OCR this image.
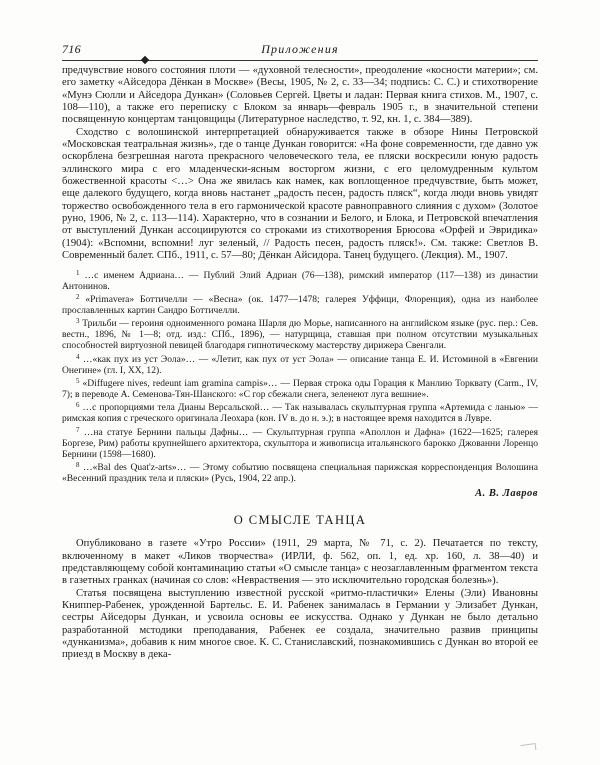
716	Приложения

предчувствие нового состояния плоти — «духовной телесности», преодоление «косности материи»; см. его заметку «Айседора Дёнкан в Москве» (Весы, 1905, № 2, с. 33—34; подпись: С. С.) и стихотворение «Мунэ Сюлли и Айседора Дункан» (Соловьев Сергей. Цветы и ладан: Первая книга стихов. М., 1907, с. 108—110), а также его переписку с Блоком за январь—февраль 1905 г., в значительной степени посвященную концертам танцовщицы (Литературное наследство, т. 92, кн. 1, с. 384—389).

Сходство с волошинской интерпретацией обнаруживается также в обзоре Нины Петровской «Московская театральная жизнь», где о танце Дункан говорится: «На фоне современности, где давно уж оскорблена безгрешная нагота прекрасного человеческого тела, ее пляски воскресили юную радость эллинского мира с его младенчески-ясным восторгом жизни, с его целомудренным культом божественной красоты <…> Она же явилась как намек, как воплощенное предчувствие, быть может, еще далекого будущего, когда вновь настанет „радость песен, радость пляск“, когда люди вновь увидят торжество освобожденного тела в его гармонической красоте равноправного слияния с духом» (Золотое руно, 1906, № 2, с. 113—114). Характерно, что в сознании и Белого, и Блока, и Петровской впечатления от выступлений Дункан ассоциируются со строками из стихотворения Брюсова «Орфей и Эвридика» (1904): «Вспомни, вспомни! луг зеленый, // Радость песен, радость пляск!». См. также: Светлов В. Современный балет. СПб., 1911, с. 57—80; Дёнкан Айсидора. Танец будущего. (Лекция). М., 1907.

$^1$ …с именем Адриана… — Публий Элий Адриан (76—138), римский император (117—138) из династии Антонинов.

$^2$ «Primavera» Боттичелли — «Весна» (ок. 1477—1478; галерея Уффици, Флоренция), одна из наиболее прославленных картин Сандро Боттичелли.

$^3$ Трильби — героиня одноименного романа Шарля дю Морье, написанного на английском языке (рус. пер.: Сев. вестн., 1896, № 1—8; отд. изд.: СПб., 1896), — натурщица, ставшая при полном отсутствии музыкальных способностей виртуозной певицей благодаря гипнотическому мастерству дирижера Свенгали.

$^4$ …«как пух из уст Эола»… — «Летит, как пух от уст Эола» — описание танца Е. И. Истоминой в «Евгении Онегине» (гл. I, XX, 12).

$^5$ «Diffugere nives, redeunt iam gramina campis»… — Первая строка оды Горация к Манлию Торквату (Carm., IV, 7); в переводе А. Семенова-Тян-Шанского: «С гор сбежали снега, зеленеют луга вешние».

$^6$ …с пропорциями тела Дианы Версальской… — Так называлась скульптурная группа «Артемида с ланью» — римская копия с греческого оригинала Леохара (кон. IV в. до н. э.); в настоящее время находится в Лувре.

$^7$ …на статуе Бернини пальцы Дафны… — Скульптурная группа «Аполлон и Дафна» (1622—1625; галерея Боргезе, Рим) работы крупнейшего архитектора, скульптора и живописца итальянского барокко Джованни Лоренцо Бернини (1598—1680).

$^8$ …«Bal des Quat'z-arts»… — Этому событию посвящена специальная парижская корреспонденция Волошина «Весенний праздник тела и пляски» (Русь, 1904, 22 апр.).

А. В. Лавров
О СМЫСЛЕ ТАНЦА

Опубликовано в газете «Утро России» (1911, 29 марта, № 71, с. 2). Печатается по тексту, включенному в макет «Ликов творчества» (ИРЛИ, ф. 562, оп. 1, ед. хр. 160, л. 38—40) и представляющему собой контаминацию статьи «О смысле танца» с неозаглавленным фрагментом текста в газетных гранках (начиная со слов: «Невраствения — это исключительно городская болезнь»).

Статья посвящена выступлению известной русской «ритмо-пластички» Елены (Эли) Ивановны Книппер-Рабенек, урожденной Бартельс. Е. И. Рабенек занималась в Германии у Элизабет Дункан, сестры Айседоры Дункан, и усвоила основы ее искусства. Однако у Дункан не было детально разработанной мстодики преподавания, Рабенек ее создала, значительно развив принципы «дунканизма», добавив к ним многое свое. К. С. Станиславский, познакомившись с Дункан во второй ее приезд в Москву в дека-
